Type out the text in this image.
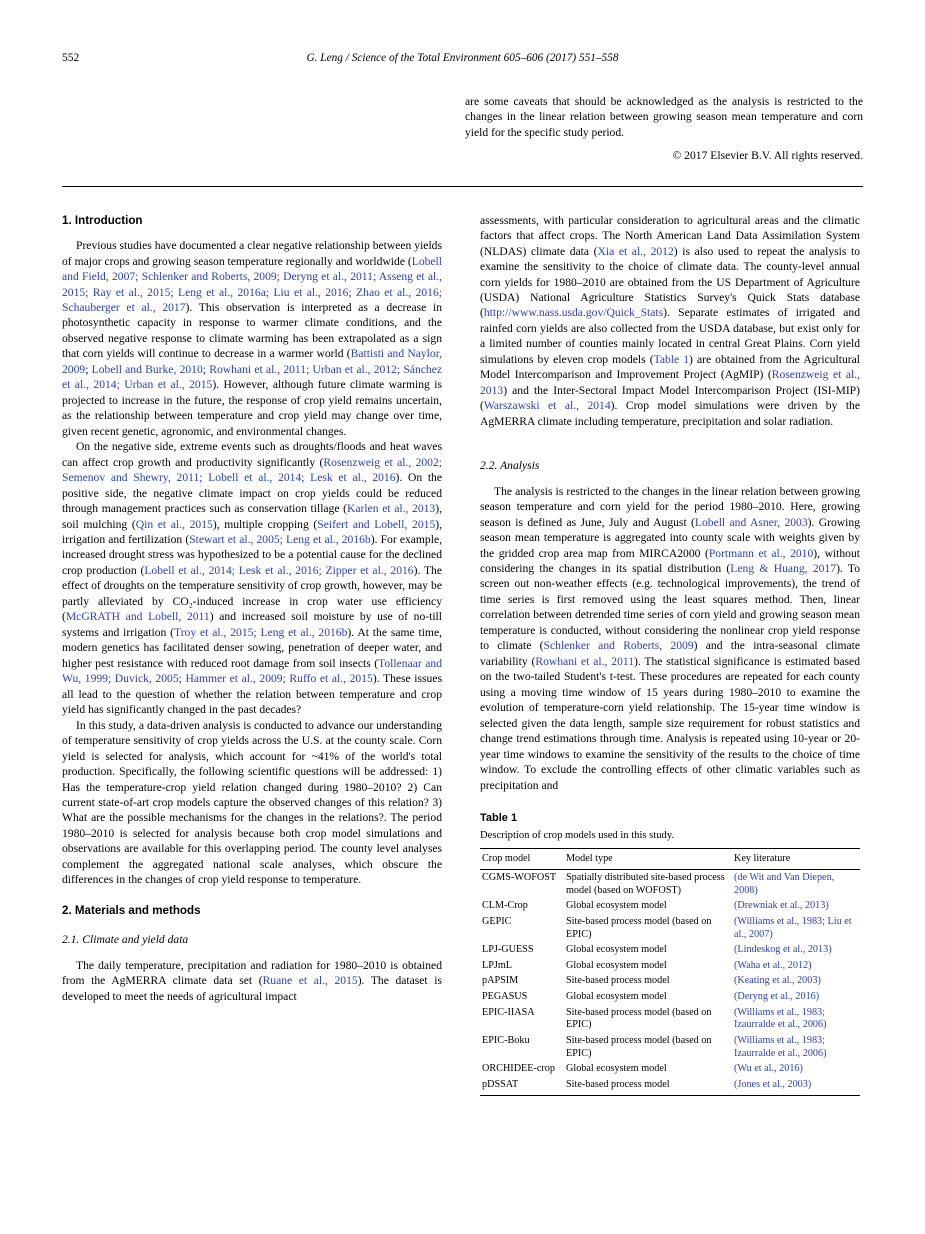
552	G. Leng / Science of the Total Environment 605–606 (2017) 551–558
are some caveats that should be acknowledged as the analysis is restricted to the changes in the linear relation between growing season mean temperature and corn yield for the specific study period.
© 2017 Elsevier B.V. All rights reserved.
1. Introduction

Previous studies have documented a clear negative relationship between yields of major crops and growing season temperature regionally and worldwide (Lobell and Field, 2007; Schlenker and Roberts, 2009; Deryng et al., 2011; Asseng et al., 2015; Ray et al., 2015; Leng et al., 2016a; Liu et al., 2016; Zhao et al., 2016; Schauberger et al., 2017). This observation is interpreted as a decrease in photosynthetic capacity in response to warmer climate conditions, and the observed negative response to climate warming has been extrapolated as a sign that corn yields will continue to decrease in a warmer world (Battisti and Naylor, 2009; Lobell and Burke, 2010; Rowhani et al., 2011; Urban et al., 2012; Sánchez et al., 2014; Urban et al., 2015). However, although future climate warming is projected to increase in the future, the response of crop yield remains uncertain, as the relationship between temperature and crop yield may change over time, given recent genetic, agronomic, and environmental changes.

On the negative side, extreme events such as droughts/floods and heat waves can affect crop growth and productivity significantly (Rosenzweig et al., 2002; Semenov and Shewry, 2011; Lobell et al., 2014; Lesk et al., 2016). On the positive side, the negative climate impact on crop yields could be reduced through management practices such as conservation tillage (Karlen et al., 2013), soil mulching (Qin et al., 2015), multiple cropping (Seifert and Lobell, 2015), irrigation and fertilization (Stewart et al., 2005; Leng et al., 2016b). For example, increased drought stress was hypothesized to be a potential cause for the declined crop production (Lobell et al., 2014; Lesk et al., 2016; Zipper et al., 2016). The effect of droughts on the temperature sensitivity of crop growth, however, may be partly alleviated by CO₂-induced increase in crop water use efficiency (McGRATH and Lobell, 2011) and increased soil moisture by use of no-till systems and irrigation (Troy et al., 2015; Leng et al., 2016b). At the same time, modern genetics has facilitated denser sowing, penetration of deeper water, and higher pest resistance with reduced root damage from soil insects (Tollenaar and Wu, 1999; Duvick, 2005; Hammer et al., 2009; Ruffo et al., 2015). These issues all lead to the question of whether the relation between temperature and crop yield has significantly changed in the past decades?

In this study, a data-driven analysis is conducted to advance our understanding of temperature sensitivity of crop yields across the U.S. at the county scale. Corn yield is selected for analysis, which account for ~41% of the world's total production. Specifically, the following scientific questions will be addressed: 1) Has the temperature-crop yield relation changed during 1980–2010? 2) Can current state-of-art crop models capture the observed changes of this relation? 3) What are the possible mechanisms for the changes in the relations?. The period 1980–2010 is selected for analysis because both crop model simulations and observations are available for this overlapping period. The county level analyses complement the aggregated national scale analyses, which obscure the differences in the changes of crop yield response to temperature.

2. Materials and methods
2.1. Climate and yield data

The daily temperature, precipitation and radiation for 1980–2010 is obtained from the AgMERRA climate data set (Ruane et al., 2015). The dataset is developed to meet the needs of agricultural impact

assessments, with particular consideration to agricultural areas and the climatic factors that affect crops. The North American Land Data Assimilation System (NLDAS) climate data (Xia et al., 2012) is also used to repeat the analysis to examine the sensitivity to the choice of climate data. The county-level annual corn yields for 1980–2010 are obtained from the US Department of Agriculture (USDA) National Agriculture Statistics Survey's Quick Stats database (http://www.nass.usda.gov/Quick_Stats). Separate estimates of irrigated and rainfed corn yields are also collected from the USDA database, but exist only for a limited number of counties mainly located in central Great Plains. Corn yield simulations by eleven crop models (Table 1) are obtained from the Agricultural Model Intercomparison and Improvement Project (AgMIP) (Rosenzweig et al., 2013) and the Inter-Sectoral Impact Model Intercomparison Project (ISI-MIP) (Warszawski et al., 2014). Crop model simulations were driven by the AgMERRA climate including temperature, precipitation and solar radiation.

2.2. Analysis

The analysis is restricted to the changes in the linear relation between growing season temperature and corn yield for the period 1980–2010. Here, growing season is defined as June, July and August (Lobell and Asner, 2003). Growing season mean temperature is aggregated into county scale with weights given by the gridded crop area map from MIRCA2000 (Portmann et al., 2010), without considering the changes in its spatial distribution (Leng & Huang, 2017). To screen out non-weather effects (e.g. technological improvements), the trend of time series is first removed using the least squares method. Then, linear correlation between detrended time series of corn yield and growing season mean temperature is conducted, without considering the nonlinear crop yield response to climate (Schlenker and Roberts, 2009) and the intra-seasonal climate variability (Rowhani et al., 2011). The statistical significance is estimated based on the two-tailed Student's t-test. These procedures are repeated for each county using a moving time window of 15 years during 1980–2010 to examine the evolution of temperature-corn yield relationship. The 15-year time window is selected given the data length, sample size requirement for robust statistics and change trend estimations through time. Analysis is repeated using 10-year or 20-year time windows to examine the sensitivity of the results to the choice of time window. To exclude the controlling effects of other climatic variables such as precipitation and

Table 1
Description of crop models used in this study.
Crop model	Model type	Key literature
CGMS-WOFOST	Spatially distributed site-based process model (based on WOFOST)	(de Wit and Van Diepen, 2008)
CLM-Crop	Global ecosystem model	(Drewniak et al., 2013)
GEPIC	Site-based process model (based on EPIC)	(Williams et al., 1983; Liu et al., 2007)
LPJ-GUESS	Global ecosystem model	(Lindeskog et al., 2013)
LPJmL	Global ecosystem model	(Waha et al., 2012)
pAPSIM	Site-based process model	(Keating et al., 2003)
PEGASUS	Global ecosystem model	(Deryng et al., 2016)
EPIC-IIASA	Site-based process model (based on EPIC)	(Williams et al., 1983; Izaurralde et al., 2006)
EPIC-Boku	Site-based process model (based on EPIC)	(Williams et al., 1983; Izaurralde et al., 2006)
ORCHIDEE-crop	Global ecosystem model	(Wu et al., 2016)
pDSSAT	Site-based process model	(Jones et al., 2003)
